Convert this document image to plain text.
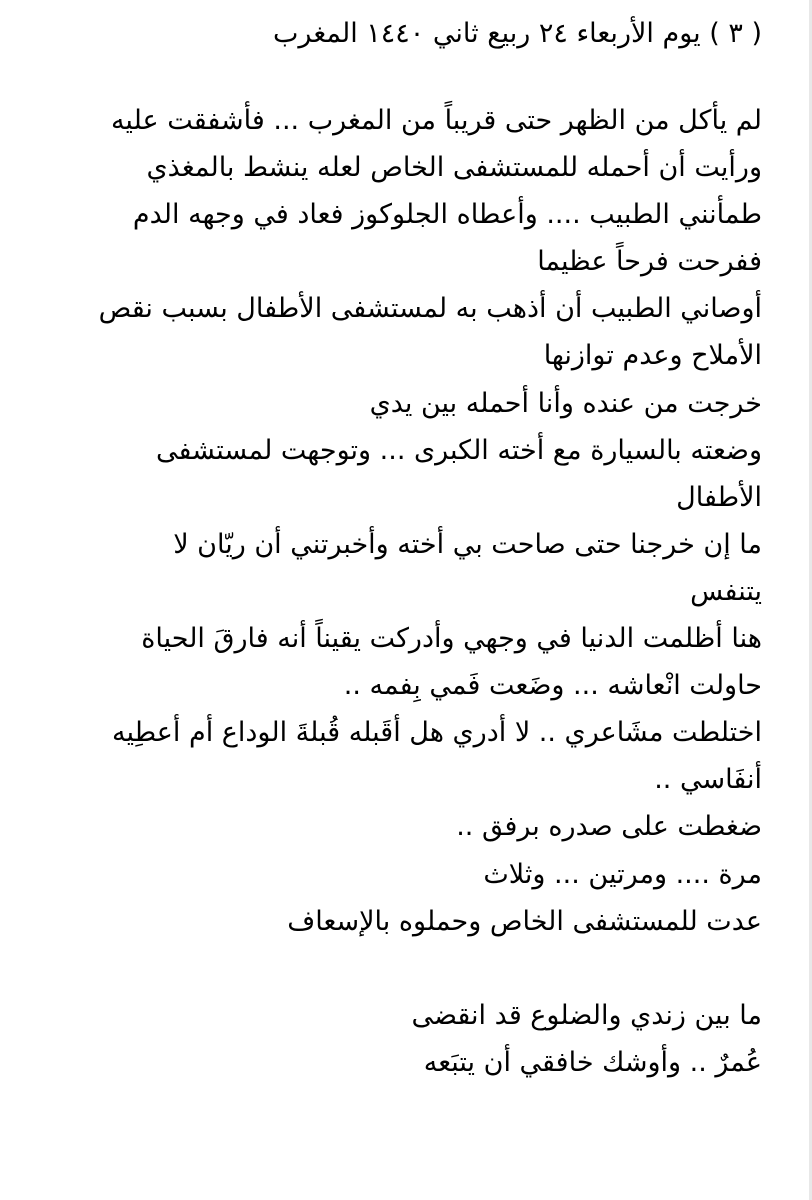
( ٣ ) يوم الأربعاء ٢٤ ربيع ثاني ١٤٤٠ المغرب
لم يأكل من الظهر حتى قريباً من المغرب ... فأشفقت عليه
ورأيت أن أحمله للمستشفى الخاص لعله ينشط بالمغذي
طمأنني الطبيب .... وأعطاه الجلوكوز فعاد في وجهه الدم
ففرحت فرحاً عظيما
أوصاني الطبيب أن أذهب به لمستشفى الأطفال بسبب نقص
الأملاح وعدم توازنها
خرجت من عنده وأنا أحمله بين يدي
وضعته بالسيارة مع أخته الكبرى ... وتوجهت لمستشفى
الأطفال
ما إن خرجنا حتى صاحت بي أخته وأخبرتني أن ريّان لا
يتنفس
هنا أظلمت الدنيا في وجهي وأدركت يقيناً أنه فارقَ الحياة
حاولت انْعاشه ... وضَعت فَمي بِفمه ..
اختلطت مشَاعري .. لا أدري هل أقَبله قُبلةَ الوداع أم أعطِيه
أنفَاسي ..
ضغطت على صدره برفق ..
مرة .... ومرتين ... وثلاث
عدت للمستشفى الخاص وحملوه بالإسعاف
ما بين زندي والضلوع قد انقضى
عُمرٌ .. وأوشك خافقي أن يتبَعه
